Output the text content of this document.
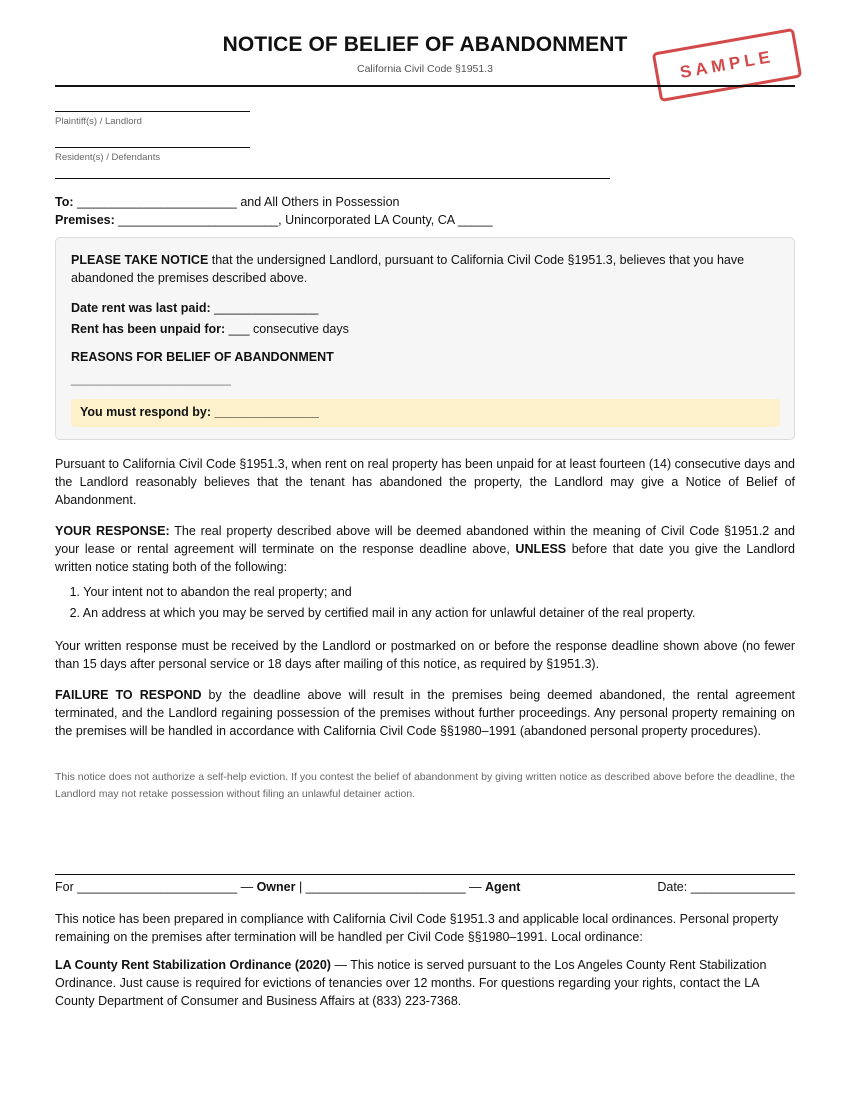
NOTICE OF BELIEF OF ABANDONMENT
California Civil Code §1951.3	SAMPLE
Plaintiff(s) / Landlord
Resident(s) / Defendants
To: _______________________ and All Others in Possession
Premises: _______________________, Unincorporated LA County, CA _____
PLEASE TAKE NOTICE that the undersigned Landlord, pursuant to California Civil Code §1951.3, believes that you have abandoned the premises described above.
Date rent was last paid: _______________
Rent has been unpaid for: ___ consecutive days
REASONS FOR BELIEF OF ABANDONMENT
_______________________
You must respond by: _______________
Pursuant to California Civil Code §1951.3, when rent on real property has been unpaid for at least fourteen (14) consecutive days and the Landlord reasonably believes that the tenant has abandoned the property, the Landlord may give a Notice of Belief of Abandonment.
YOUR RESPONSE: The real property described above will be deemed abandoned within the meaning of Civil Code §1951.2 and your lease or rental agreement will terminate on the response deadline above, UNLESS before that date you give the Landlord written notice stating both of the following:
1. Your intent not to abandon the real property; and
2. An address at which you may be served by certified mail in any action for unlawful detainer of the real property.
Your written response must be received by the Landlord or postmarked on or before the response deadline shown above (no fewer than 15 days after personal service or 18 days after mailing of this notice, as required by §1951.3).
FAILURE TO RESPOND by the deadline above will result in the premises being deemed abandoned, the rental agreement terminated, and the Landlord regaining possession of the premises without further proceedings. Any personal property remaining on the premises will be handled in accordance with California Civil Code §§1980–1991 (abandoned personal property procedures).
This notice does not authorize a self-help eviction. If you contest the belief of abandonment by giving written notice as described above before the deadline, the Landlord may not retake possession without filing an unlawful detainer action.
For _______________________ — Owner | _______________________ — Agent	Date: _______________
This notice has been prepared in compliance with California Civil Code §1951.3 and applicable local ordinances. Personal property remaining on the premises after termination will be handled per Civil Code §§1980–1991. Local ordinance:
LA County Rent Stabilization Ordinance (2020) — This notice is served pursuant to the Los Angeles County Rent Stabilization Ordinance. Just cause is required for evictions of tenancies over 12 months. For questions regarding your rights, contact the LA County Department of Consumer and Business Affairs at (833) 223-7368.
